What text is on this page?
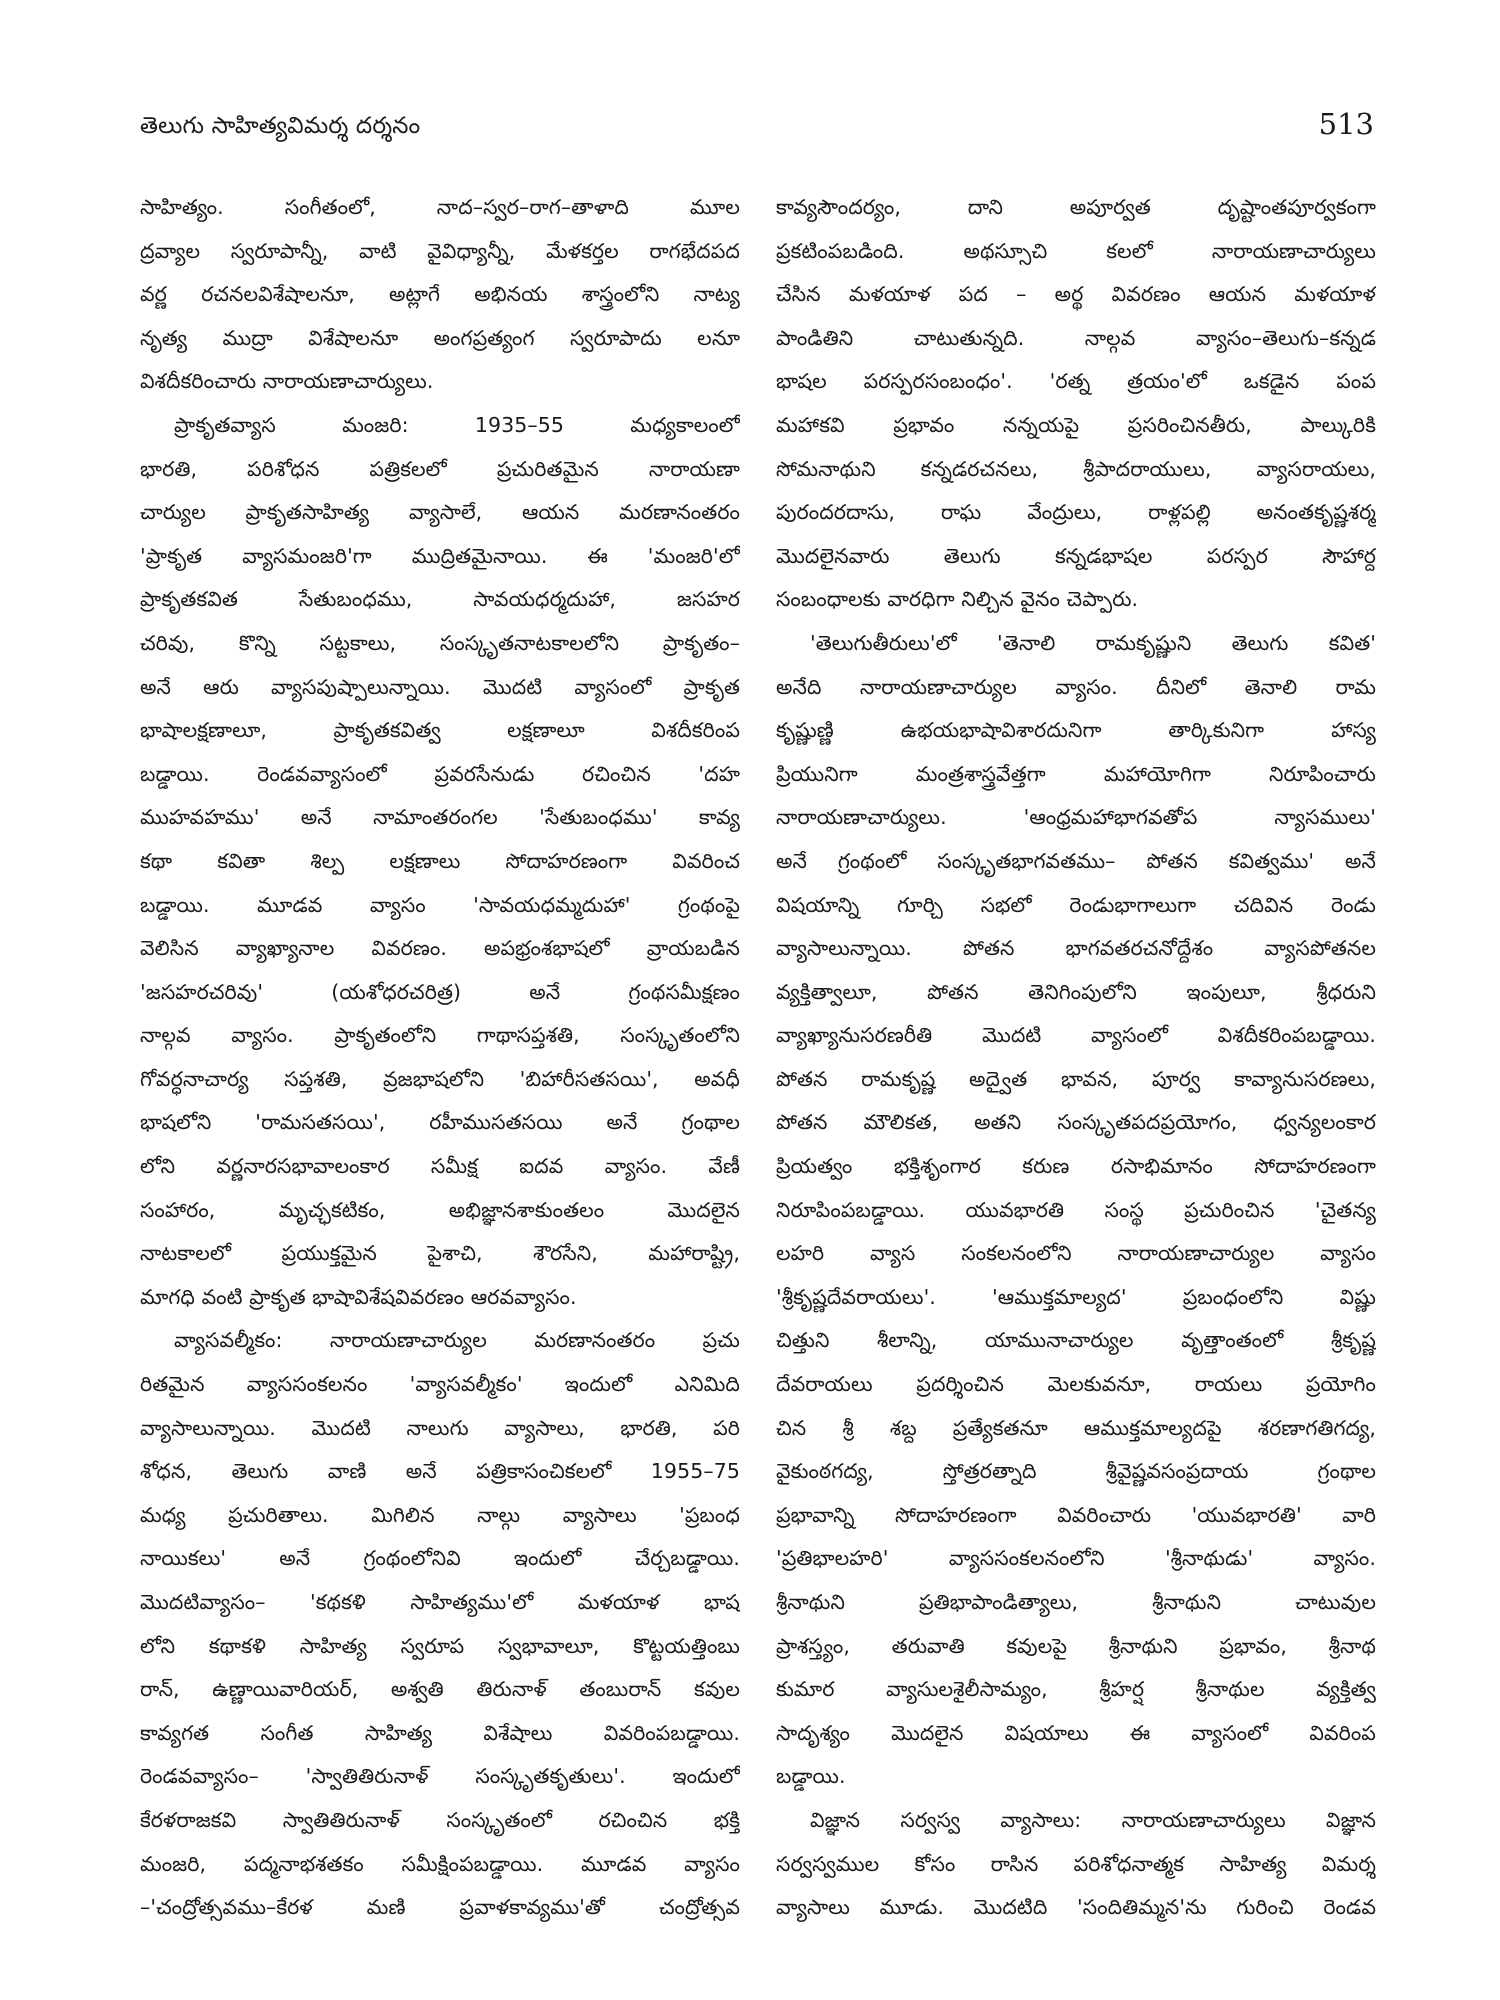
తెలుగు సాహిత్యవిమర్శ దర్శనం	513
సాహిత్యం. సంగీతంలో, నాద–స్వర–రాగ–తాళాది మూల
ద్రవ్యాల స్వరూపాన్నీ, వాటి వైవిధ్యాన్నీ, మేళకర్తల రాగభేదపద
వర్ణ రచనలవిశేషాలనూ, అట్లాగే అభినయ శాస్త్రంలోని నాట్య
నృత్య ముద్రా విశేషాలనూ అంగప్రత్యంగ స్వరూపాదు లనూ
విశదీకరించారు నారాయణాచార్యులు.
ప్రాకృతవ్యాస మంజరి: 1935–55 మధ్యకాలంలో
భారతి, పరిశోధన పత్రికలలో ప్రచురితమైన నారాయణా
చార్యుల ప్రాకృతసాహిత్య వ్యాసాలే, ఆయన మరణానంతరం
'ప్రాకృత వ్యాసమంజరి'గా ముద్రితమైనాయి. ఈ 'మంజరి'లో
ప్రాకృతకవిత సేతుబంధము, సావయధర్మదుహా, జసహర
చరివు, కొన్ని సట్టకాలు, సంస్కృతనాటకాలలోని ప్రాకృతం–
అనే ఆరు వ్యాసపుష్పాలున్నాయి. మొదటి వ్యాసంలో ప్రాకృత
భాషాలక్షణాలూ, ప్రాకృతకవిత్వ లక్షణాలూ విశదీకరింప
బడ్డాయి. రెండవవ్యాసంలో ప్రవరసేనుడు రచించిన 'దహ
ముహవహము' అనే నామాంతరంగల 'సేతుబంధము' కావ్య
కథా కవితా శిల్ప లక్షణాలు సోదాహరణంగా వివరించ
బడ్డాయి. మూడవ వ్యాసం 'సావయధమ్మదుహా' గ్రంథంపై
వెలిసిన వ్యాఖ్యానాల వివరణం. అపభ్రంశభాషలో వ్రాయబడిన
'జసహరచరివు' (యశోధరచరిత్ర) అనే గ్రంథసమీక్షణం
నాల్గవ వ్యాసం. ప్రాకృతంలోని గాథాసప్తశతి, సంస్కృతంలోని
గోవర్ధనాచార్య సప్తశతి, వ్రజభాషలోని 'బిహారీసతసయి', అవధీ
భాషలోని 'రామసతసయి', రహీముసతసయి అనే గ్రంథాల
లోని వర్ణనారసభావాలంకార సమీక్ష ఐదవ వ్యాసం. వేణీ
సంహారం, మృచ్ఛకటికం, అభిజ్ఞానశాకుంతలం మొదలైన
నాటకాలలో ప్రయుక్తమైన పైశాచి, శౌరసేని, మహారాష్ట్రి,
మాగధి వంటి ప్రాకృత భాషావిశేషవివరణం ఆరవవ్యాసం.
వ్యాసవల్మీకం: నారాయణాచార్యుల మరణానంతరం ప్రచు
రితమైన వ్యాససంకలనం 'వ్యాసవల్మీకం' ఇందులో ఎనిమిది
వ్యాసాలున్నాయి. మొదటి నాలుగు వ్యాసాలు, భారతి, పరి
శోధన, తెలుగు వాణి అనే పత్రికాసంచికలలో 1955–75
మధ్య ప్రచురితాలు. మిగిలిన నాల్గు వ్యాసాలు 'ప్రబంధ
నాయికలు' అనే గ్రంథంలోనివి ఇందులో చేర్చబడ్డాయి.
మొదటివ్యాసం– 'కథకళి సాహిత్యము'లో మళయాళ భాష
లోని కథాకళి సాహిత్య స్వరూప స్వభావాలూ, కొట్టయత్తింబు
రాన్, ఉణ్ణాయివారియర్, అశ్వతి తిరునాళ్ తంబురాన్ కవుల
కావ్యగత సంగీత సాహిత్య విశేషాలు వివరింపబడ్డాయి.
రెండవవ్యాసం– 'స్వాతితిరునాళ్ సంస్కృతకృతులు'. ఇందులో
కేరళరాజకవి స్వాతితిరునాళ్ సంస్కృతంలో రచించిన భక్తి
మంజరి, పద్మనాభశతకం సమీక్షింపబడ్డాయి. మూడవ వ్యాసం
–'చంద్రోత్సవము–కేరళ మణి ప్రవాళకావ్యము'తో చంద్రోత్సవ
కావ్యసౌందర్యం, దాని అపూర్వత దృష్టాంతపూర్వకంగా
ప్రకటింపబడింది. అథస్సూచి కలలో నారాయణాచార్యులు
చేసిన మళయాళ పద – అర్థ వివరణం ఆయన మళయాళ
పాండితిని చాటుతున్నది. నాల్గవ వ్యాసం–తెలుగు–కన్నడ
భాషల పరస్పరసంబంధం'. 'రత్న త్రయం'లో ఒకడైన పంప
మహాకవి ప్రభావం నన్నయపై ప్రసరించినతీరు, పాల్కురికి
సోమనాథుని కన్నడరచనలు, శ్రీపాదరాయులు, వ్యాసరాయలు,
పురందరదాసు, రాఘ వేంద్రులు, రాళ్లపల్లి అనంతకృష్ణశర్మ
మొదలైనవారు తెలుగు కన్నడభాషల పరస్పర సౌహార్ద
సంబంధాలకు వారధిగా నిల్చిన వైనం చెప్పారు.
'తెలుగుతీరులు'లో 'తెనాలి రామకృష్ణుని తెలుగు కవిత'
అనేది నారాయణాచార్యుల వ్యాసం. దీనిలో తెనాలి రామ
కృష్ణుణ్ణి ఉభయభాషావిశారదునిగా తార్కికునిగా హాస్య
ప్రియునిగా మంత్రశాస్త్రవేత్తగా మహాయోగిగా నిరూపించారు
నారాయణాచార్యులు. 'ఆంధ్రమహాభాగవతోప న్యాసములు'
అనే గ్రంథంలో సంస్కృతభాగవతము– పోతన కవిత్వము' అనే
విషయాన్ని గూర్చి సభలో రెండుభాగాలుగా చదివిన రెండు
వ్యాసాలున్నాయి. పోతన భాగవతరచనోద్దేశం వ్యాసపోతనల
వ్యక్తిత్వాలూ, పోతన తెనిగింపులోని ఇంపులూ, శ్రీధరుని
వ్యాఖ్యానుసరణరీతి మొదటి వ్యాసంలో విశదీకరింపబడ్డాయి.
పోతన రామకృష్ణ అద్వైత భావన, పూర్వ కావ్యానుసరణలు,
పోతన మౌలికత, అతని సంస్కృతపదప్రయోగం, ధ్వన్యలంకార
ప్రియత్వం భక్తిశృంగార కరుణ రసాభిమానం సోదాహరణంగా
నిరూపింపబడ్డాయి. యువభారతి సంస్థ ప్రచురించిన 'చైతన్య
లహరి వ్యాస సంకలనంలోని నారాయణాచార్యుల వ్యాసం
'శ్రీకృష్ణదేవరాయలు'. 'ఆముక్తమాల్యద' ప్రబంధంలోని విష్ణు
చిత్తుని శీలాన్ని, యామునాచార్యుల వృత్తాంతంలో శ్రీకృష్ణ
దేవరాయలు ప్రదర్శించిన మెలకువనూ, రాయలు ప్రయోగిం
చిన శ్రీ శబ్ద ప్రత్యేకతనూ ఆముక్తమాల్యదపై శరణాగతిగద్య,
వైకుంఠగద్య, స్తోత్రరత్నాది శ్రీవైష్ణవసంప్రదాయ గ్రంథాల
ప్రభావాన్ని సోదాహరణంగా వివరించారు 'యువభారతి' వారి
'ప్రతిభాలహరి' వ్యాససంకలనంలోని 'శ్రీనాథుడు' వ్యాసం.
శ్రీనాథుని ప్రతిభాపాండిత్యాలు, శ్రీనాథుని చాటువుల
ప్రాశస్త్యం, తరువాతి కవులపై శ్రీనాథుని ప్రభావం, శ్రీనాథ
కుమార వ్యాసులశైలీసామ్యం, శ్రీహర్ష శ్రీనాథుల వ్యక్తిత్వ
సాదృశ్యం మొదలైన విషయాలు ఈ వ్యాసంలో వివరింప
బడ్డాయి.
విజ్ఞాన సర్వస్వ వ్యాసాలు: నారాయణాచార్యులు విజ్ఞాన
సర్వస్వముల కోసం రాసిన పరిశోధనాత్మక సాహిత్య విమర్శ
వ్యాసాలు మూడు. మొదటిది 'సందితిమ్మన'ను గురించి రెండవ
